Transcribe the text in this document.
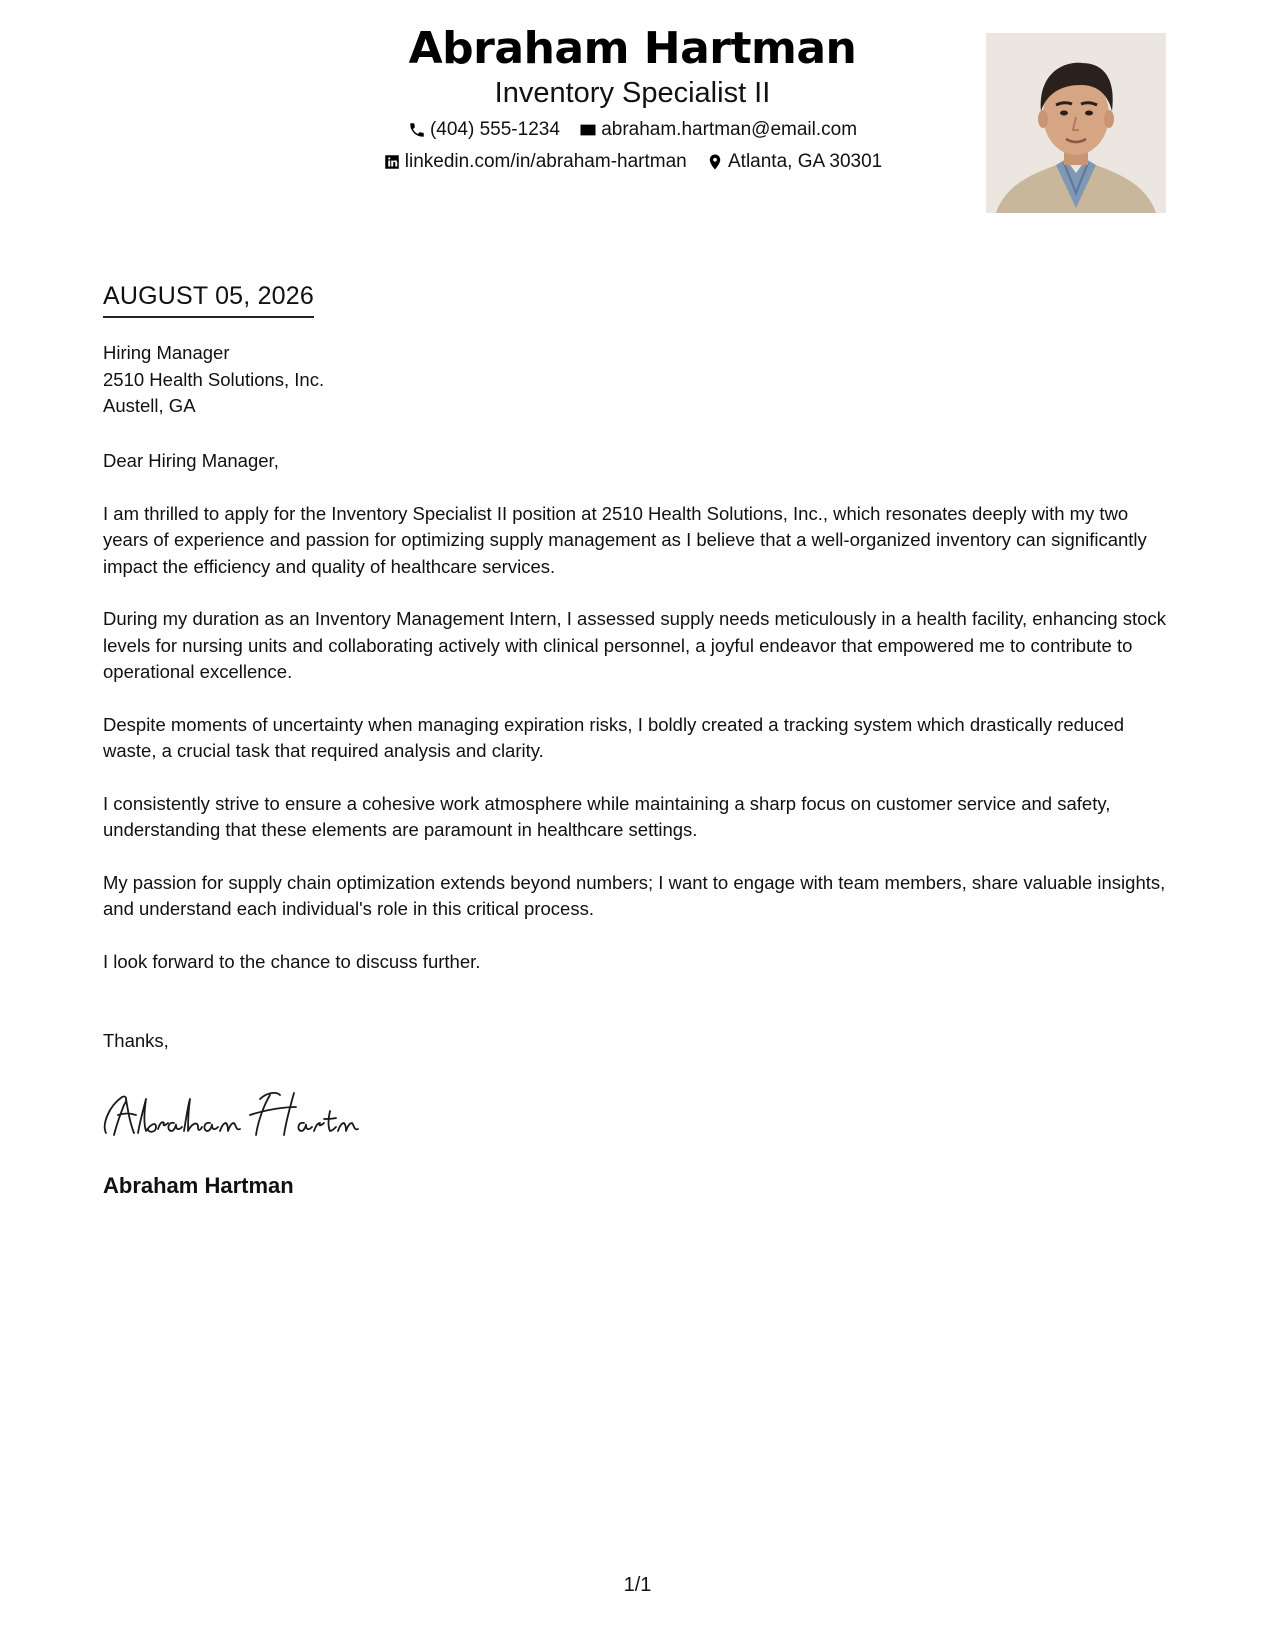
Abraham Hartman
Inventory Specialist II
(404) 555-1234
abraham.hartman@email.com
linkedin.com/in/abraham-hartman
Atlanta, GA 30301
AUGUST 05, 2026
Hiring Manager
2510 Health Solutions, Inc.
Austell, GA

Dear Hiring Manager,

I am thrilled to apply for the Inventory Specialist II position at 2510 Health Solutions, Inc., which resonates deeply with my two years of experience and passion for optimizing supply management as I believe that a well-organized inventory can significantly impact the efficiency and quality of healthcare services.

During my duration as an Inventory Management Intern, I assessed supply needs meticulously in a health facility, enhancing stock levels for nursing units and collaborating actively with clinical personnel, a joyful endeavor that empowered me to contribute to operational excellence.

Despite moments of uncertainty when managing expiration risks, I boldly created a tracking system which drastically reduced waste, a crucial task that required analysis and clarity.

I consistently strive to ensure a cohesive work atmosphere while maintaining a sharp focus on customer service and safety, understanding that these elements are paramount in healthcare settings.

My passion for supply chain optimization extends beyond numbers; I want to engage with team members, share valuable insights, and understand each individual's role in this critical process.

I look forward to the chance to discuss further.

Thanks,
Abraham Hartman
1/1
